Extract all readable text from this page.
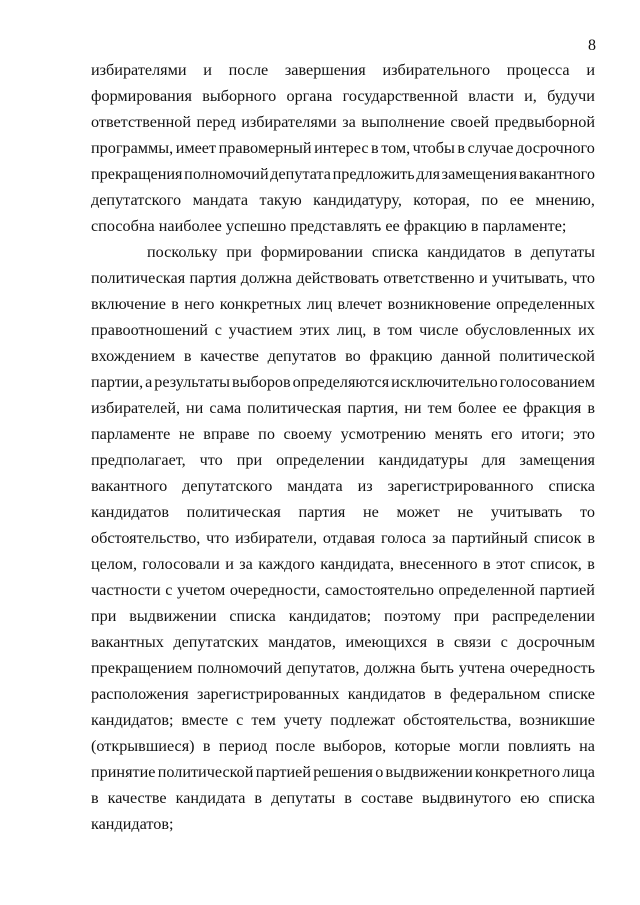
8
избирателями и после завершения избирательного процесса и
формирования выборного органа государственной власти и, будучи
ответственной перед избирателями за выполнение своей предвыборной
программы, имеет правомерный интерес в том, чтобы в случае досрочного
прекращения полномочий депутата предложить для замещения вакантного
депутатского мандата такую кандидатуру, которая, по ее мнению,
способна наиболее успешно представлять ее фракцию в парламенте;
поскольку при формировании списка кандидатов в депутаты
политическая партия должна действовать ответственно и учитывать, что
включение в него конкретных лиц влечет возникновение определенных
правоотношений с участием этих лиц, в том числе обусловленных их
вхождением в качестве депутатов во фракцию данной политической
партии, а результаты выборов определяются исключительно голосованием
избирателей, ни сама политическая партия, ни тем более ее фракция в
парламенте не вправе по своему усмотрению менять его итоги; это
предполагает, что при определении кандидатуры для замещения
вакантного депутатского мандата из зарегистрированного списка
кандидатов политическая партия не может не учитывать то
обстоятельство, что избиратели, отдавая голоса за партийный список в
целом, голосовали и за каждого кандидата, внесенного в этот список, в
частности с учетом очередности, самостоятельно определенной партией
при выдвижении списка кандидатов; поэтому при распределении
вакантных депутатских мандатов, имеющихся в связи с досрочным
прекращением полномочий депутатов, должна быть учтена очередность
расположения зарегистрированных кандидатов в федеральном списке
кандидатов; вместе с тем учету подлежат обстоятельства, возникшие
(открывшиеся) в период после выборов, которые могли повлиять на
принятие политической партией решения о выдвижении конкретного лица
в качестве кандидата в депутаты в составе выдвинутого ею списка
кандидатов;
